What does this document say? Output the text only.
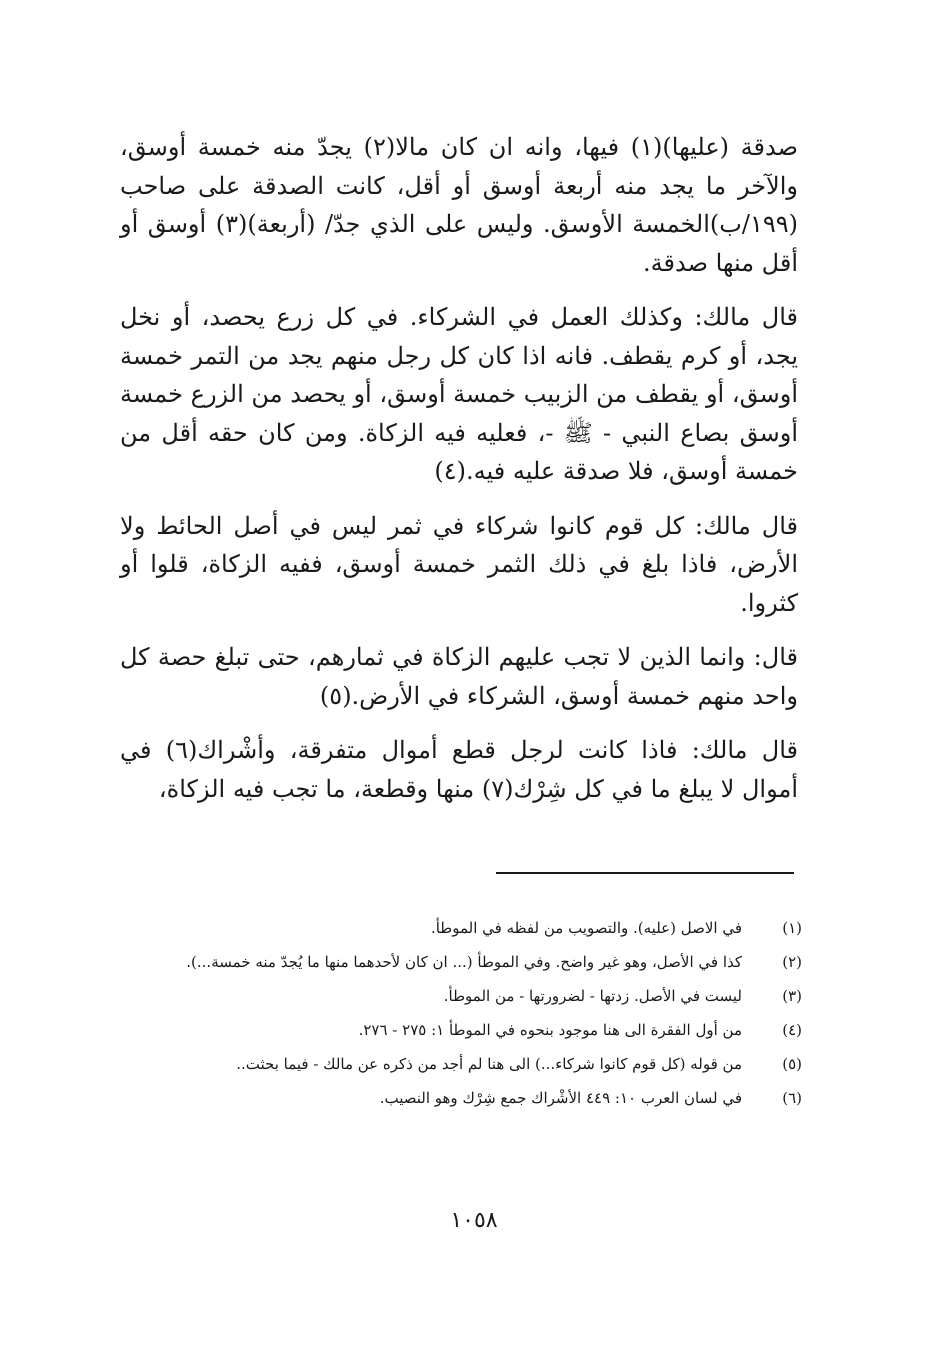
صدقة (عليها)(١) فيها، وانه ان كان مالا(٢) يجدّ منه خمسة أوسق، والآخر ما يجد منه أربعة أوسق أو أقل، كانت الصدقة على صاحب (١٩٩/ب)الخمسة الأوسق. وليس على الذي جدّ/ (أربعة)(٣) أوسق أو أقل منها صدقة.

قال مالك: وكذلك العمل في الشركاء. في كل زرع يحصد، أو نخل يجد، أو كرم يقطف. فانه اذا كان كل رجل منهم يجد من التمر خمسة أوسق، أو يقطف من الزبيب خمسة أوسق، أو يحصد من الزرع خمسة أوسق بصاع النبي - ﷺ -، فعليه فيه الزكاة. ومن كان حقه أقل من خمسة أوسق، فلا صدقة عليه فيه.(٤)

قال مالك: كل قوم كانوا شركاء في ثمر ليس في أصل الحائط ولا الأرض، فاذا بلغ في ذلك الثمر خمسة أوسق، ففيه الزكاة، قلوا أو كثروا.

قال: وانما الذين لا تجب عليهم الزكاة في ثمارهم، حتى تبلغ حصة كل واحد منهم خمسة أوسق، الشركاء في الأرض.(٥)

قال مالك: فاذا كانت لرجل قطع أموال متفرقة، وأشْراك(٦) في أموال لا يبلغ ما في كل شِرْك(٧) منها وقطعة، ما تجب فيه الزكاة،

(١)
في الاصل (عليه). والتصويب من لفظه في الموطأ.
(٢)
كذا في الأصل، وهو غير واضح. وفي الموطأ (... ان كان لأحدهما منها ما يُجدّ منه خمسة...).
(٣)
ليست في الأصل. زدتها - لضرورتها - من الموطأ.
(٤)
من أول الفقرة الى هنا موجود بنحوه في الموطأ ١: ٢٧٥ - ٢٧٦.
(٥)
من قوله (كل قوم كانوا شركاء...) الى هنا لم أجد من ذكره عن مالك - فيما بحثت..
(٦)
في لسان العرب ١٠: ٤٤٩ الأشْراك جمع شِرْك وهو النصيب.
١٠٥٨
